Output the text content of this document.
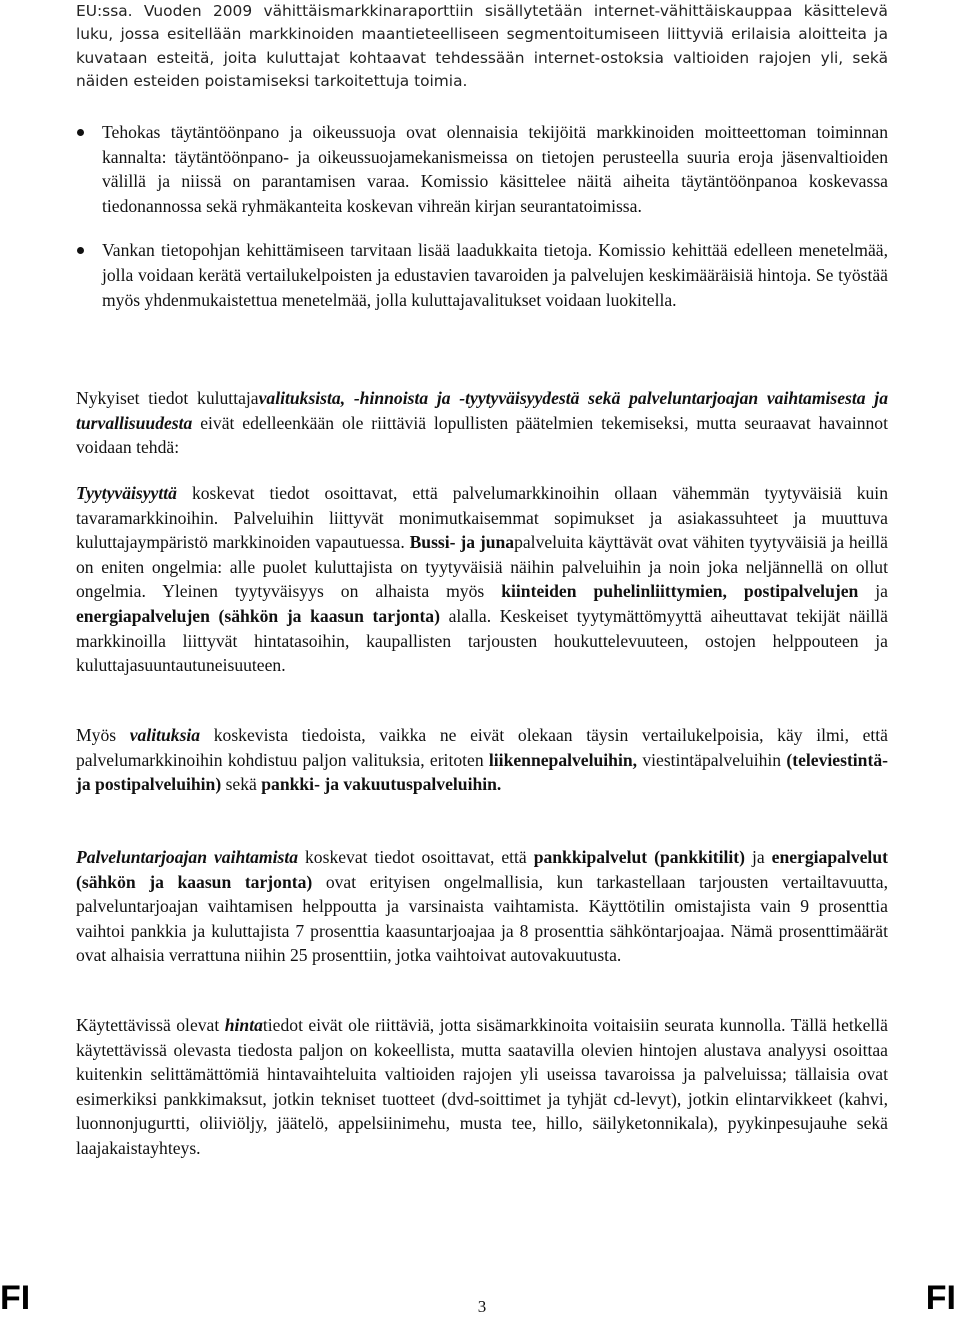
EU:ssa. Vuoden 2009 vähittäismarkkinaraporttiin sisällytetään internet-vähittäiskauppaa käsittelevä luku, jossa esitellään markkinoiden maantieteelliseen segmentoitumiseen liittyviä erilaisia aloitteita ja kuvataan esteitä, joita kuluttajat kohtaavat tehdessään internet-ostoksia valtioiden rajojen yli, sekä näiden esteiden poistamiseksi tarkoitettuja toimia.
Tehokas täytäntöönpano ja oikeussuoja ovat olennaisia tekijöitä markkinoiden moitteettoman toiminnan kannalta: täytäntöönpano- ja oikeussuojamekanismeissa on tietojen perusteella suuria eroja jäsenvaltioiden välillä ja niissä on parantamisen varaa. Komissio käsittelee näitä aiheita täytäntöönpanoa koskevassa tiedonannossa sekä ryhmäkanteita koskevan vihreän kirjan seurantatoimissa.
Vankan tietopohjan kehittämiseen tarvitaan lisää laadukkaita tietoja. Komissio kehittää edelleen menetelmää, jolla voidaan kerätä vertailukelpoisten ja edustavien tavaroiden ja palvelujen keskimääräisiä hintoja. Se työstää myös yhdenmukaistettua menetelmää, jolla kuluttajavalitukset voidaan luokitella.
Nykyiset tiedot kuluttajavalituksista, -hinnoista ja -tyytyväisyydestä sekä palveluntarjoajan vaihtamisesta ja turvallisuudesta eivät edelleenkään ole riittäviä lopullisten päätelmien tekemiseksi, mutta seuraavat havainnot voidaan tehdä:
Tyytyväisyyttä koskevat tiedot osoittavat, että palvelumarkkinoihin ollaan vähemmän tyytyväisiä kuin tavaramarkkinoihin. Palveluihin liittyvät monimutkaisemmat sopimukset ja asiakassuhteet ja muuttuva kuluttajaympäristö markkinoiden vapautuessa. Bussi- ja junapalveluita käyttävät ovat vähiten tyytyväisiä ja heillä on eniten ongelmia: alle puolet kuluttajista on tyytyväisiä näihin palveluihin ja noin joka neljännellä on ollut ongelmia. Yleinen tyytyväisyys on alhaista myös kiinteiden puhelinliittymien, postipalvelujen ja energiapalvelujen (sähkön ja kaasun tarjonta) alalla. Keskeiset tyytymättömyyttä aiheuttavat tekijät näillä markkinoilla liittyvät hintatasoihin, kaupallisten tarjousten houkuttelevuuteen, ostojen helppouteen ja kuluttajasuuntautuneisuuteen.
Myös valituksia koskevista tiedoista, vaikka ne eivät olekaan täysin vertailukelpoisia, käy ilmi, että palvelumarkkinoihin kohdistuu paljon valituksia, eritoten liikennepalveluihin, viestintäpalveluihin (televiestintä- ja postipalveluihin) sekä pankki- ja vakuutuspalveluihin.
Palveluntarjoajan vaihtamista koskevat tiedot osoittavat, että pankkipalvelut (pankkitilit) ja energiapalvelut (sähkön ja kaasun tarjonta) ovat erityisen ongelmallisia, kun tarkastellaan tarjousten vertailtavuutta, palveluntarjoajan vaihtamisen helppoutta ja varsinaista vaihtamista. Käyttötilin omistajista vain 9 prosenttia vaihtoi pankkia ja kuluttajista 7 prosenttia kaasuntarjoajaa ja 8 prosenttia sähköntarjoajaa. Nämä prosenttimäärät ovat alhaisia verrattuna niihin 25 prosenttiin, jotka vaihtoivat autovakuutusta.
Käytettävissä olevat hintatiedot eivät ole riittäviä, jotta sisämarkkinoita voitaisiin seurata kunnolla. Tällä hetkellä käytettävissä olevasta tiedosta paljon on kokeellista, mutta saatavilla olevien hintojen alustava analyysi osoittaa kuitenkin selittämättömiä hintavaihteluita valtioiden rajojen yli useissa tavaroissa ja palveluissa; tällaisia ovat esimerkiksi pankkimaksut, jotkin tekniset tuotteet (dvd-soittimet ja tyhjät cd-levyt), jotkin elintarvikkeet (kahvi, luonnonjugurtti, oliiviöljy, jäätelö, appelsiinimehu, musta tee, hillo, säilyketonnikala), pyykinpesujauhe sekä laajakaistayhteys.
FI	3	FI
